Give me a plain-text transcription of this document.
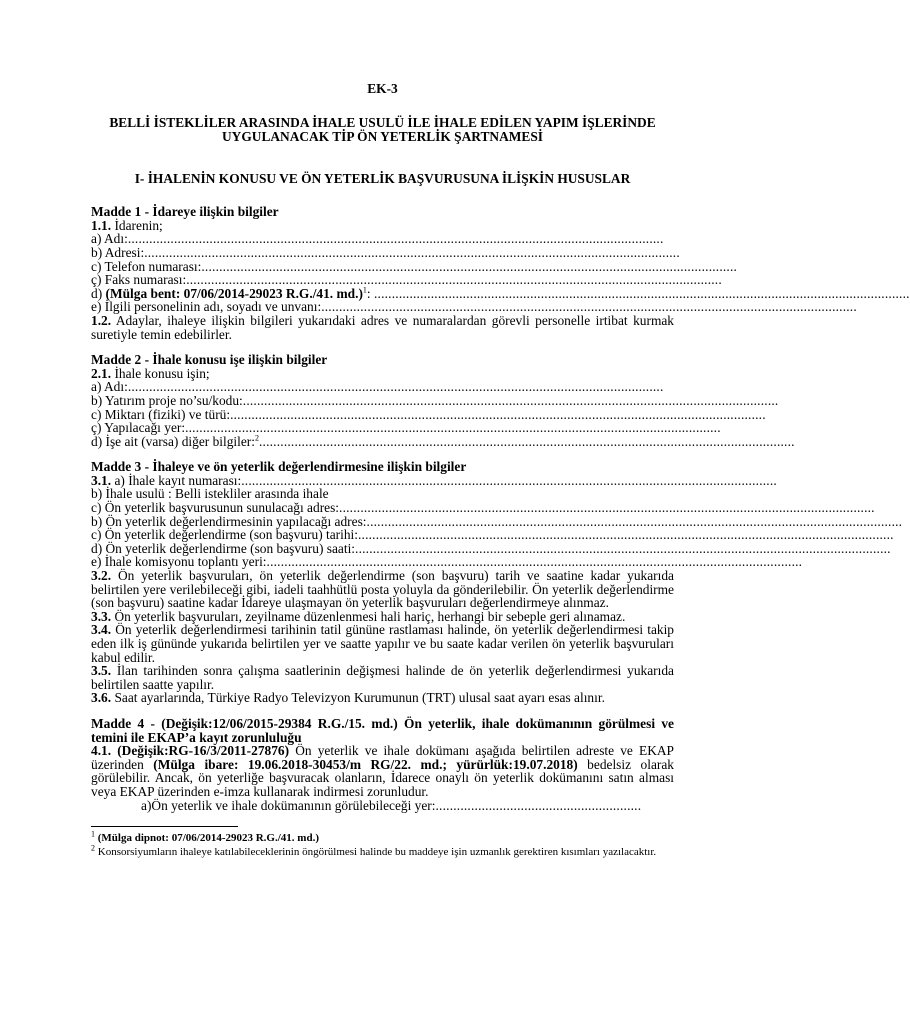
EK-3
BELLİ İSTEKLİLER ARASINDA İHALE USULÜ İLE İHALE EDİLEN YAPIM İŞLERİNDE
UYGULANACAK TİP ÖN YETERLİK ŞARTNAMESİ
I- İHALENİN KONUSU VE ÖN YETERLİK BAŞVURUSUNA İLİŞKİN HUSUSLAR
Madde 1 - İdareye ilişkin bilgiler
1.1. İdarenin;
a) Adı:.......................................................................................................................................................
b) Adresi:.......................................................................................................................................................
c) Telefon numarası:.......................................................................................................................................................
ç) Faks numarası:.......................................................................................................................................................
d) (Mülga bent: 07/06/2014-29023 R.G./41. md.)$^1$: .......................................................................................................................................................
e) İlgili personelinin adı, soyadı ve unvanı:.......................................................................................................................................................
1.2. Adaylar, ihaleye ilişkin bilgileri yukarıdaki adres ve numaralardan görevli personelle irtibat kurmak suretiyle temin edebilirler.
Madde 2 - İhale konusu işe ilişkin bilgiler
2.1. İhale konusu işin;
a) Adı:.......................................................................................................................................................
b) Yatırım proje no’su/kodu:.......................................................................................................................................................
c) Miktarı (fiziki) ve türü:.......................................................................................................................................................
ç) Yapılacağı yer:.......................................................................................................................................................
d) İşe ait (varsa) diğer bilgiler:$^2$.......................................................................................................................................................
Madde 3 - İhaleye ve ön yeterlik değerlendirmesine ilişkin bilgiler
3.1. a) İhale kayıt numarası:.......................................................................................................................................................
b) İhale usulü : Belli istekliler arasında ihale
c) Ön yeterlik başvurusunun sunulacağı adres:.......................................................................................................................................................
b) Ön yeterlik değerlendirmesinin yapılacağı adres:.......................................................................................................................................................
c) Ön yeterlik değerlendirme (son başvuru) tarihi:.......................................................................................................................................................
d) Ön yeterlik değerlendirme (son başvuru) saati:.......................................................................................................................................................
e) İhale komisyonu toplantı yeri:.......................................................................................................................................................
3.2. Ön yeterlik başvuruları, ön yeterlik değerlendirme (son başvuru) tarih ve saatine kadar yukarıda belirtilen yere verilebileceği gibi, iadeli taahhütlü posta yoluyla da gönderilebilir. Ön yeterlik değerlendirme (son başvuru) saatine kadar İdareye ulaşmayan ön yeterlik başvuruları değerlendirmeye alınmaz.
3.3. Ön yeterlik başvuruları, zeyilname düzenlenmesi hali hariç, herhangi bir sebeple geri alınamaz.
3.4. Ön yeterlik değerlendirmesi tarihinin tatil gününe rastlaması halinde, ön yeterlik değerlendirmesi takip eden ilk iş gününde yukarıda belirtilen yer ve saatte yapılır ve bu saate kadar verilen ön yeterlik başvuruları kabul edilir.
3.5. İlan tarihinden sonra çalışma saatlerinin değişmesi halinde de ön yeterlik değerlendirmesi yukarıda belirtilen saatte yapılır.
3.6. Saat ayarlarında, Türkiye Radyo Televizyon Kurumunun (TRT) ulusal saat ayarı esas alınır.
Madde 4 - (Değişik:12/06/2015-29384 R.G./15. md.) Ön yeterlik, ihale dokümanının görülmesi ve temini ile EKAP’a kayıt zorunluluğu
4.1. (Değişik:RG-16/3/2011-27876) Ön yeterlik ve ihale dokümanı aşağıda belirtilen adreste ve EKAP üzerinden (Mülga ibare: 19.06.2018-30453/m RG/22. md.; yürürlük:19.07.2018) bedelsiz olarak görülebilir. Ancak, ön yeterliğe başvuracak olanların, İdarece onaylı ön yeterlik dokümanını satın alması veya EKAP üzerinden e-imza kullanarak indirmesi zorunludur.
a)Ön yeterlik ve ihale dokümanının görülebileceği yer:..........................................................
$^1$ (Mülga dipnot: 07/06/2014-29023 R.G./41. md.)
$^2$ Konsorsiyumların ihaleye katılabileceklerinin öngörülmesi halinde bu maddeye işin uzmanlık gerektiren kısımları yazılacaktır.
